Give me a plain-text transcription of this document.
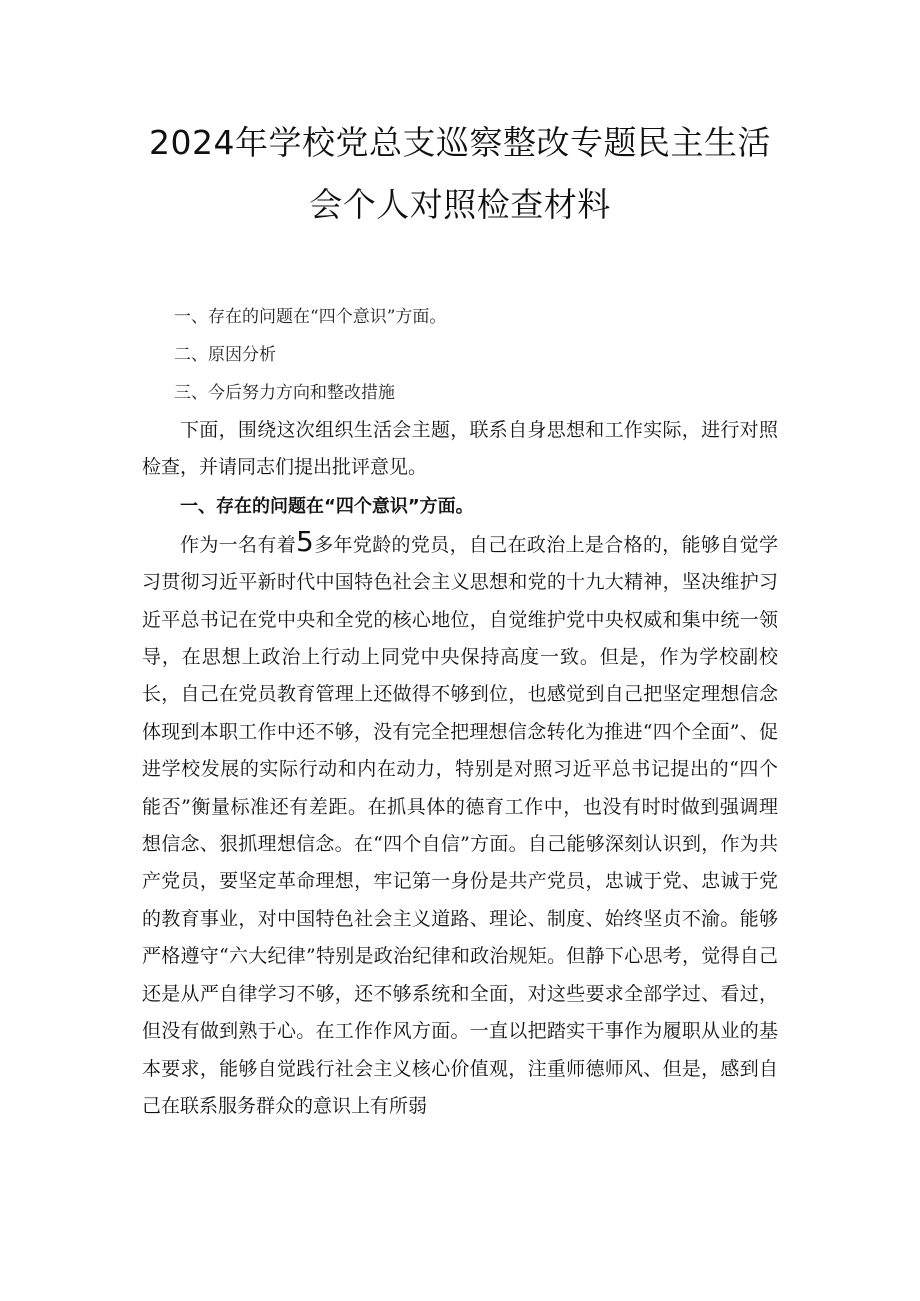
2024年学校党总支巡察整改专题民主生活
会个人对照检查材料
一、存在的问题在“四个意识”方面。
二、原因分析
三、今后努力方向和整改措施

下面，围绕这次组织生活会主题，联系自身思想和工作实际，进行对照检查，并请同志们提出批评意见。

一、存在的问题在“四个意识”方面。

作为一名有着5多年党龄的党员，自己在政治上是合格的，能够自觉学习贯彻习近平新时代中国特色社会主义思想和党的十九大精神，坚决维护习近平总书记在党中央和全党的核心地位，自觉维护党中央权威和集中统一领导，在思想上政治上行动上同党中央保持高度一致。但是，作为学校副校长，自己在党员教育管理上还做得不够到位，也感觉到自己把坚定理想信念体现到本职工作中还不够，没有完全把理想信念转化为推进“四个全面”、促进学校发展的实际行动和内在动力，特别是对照习近平总书记提出的“四个能否”衡量标准还有差距。在抓具体的德育工作中，也没有时时做到强调理想信念、狠抓理想信念。在“四个自信”方面。自己能够深刻认识到，作为共产党员，要坚定革命理想，牢记第一身份是共产党员，忠诚于党、忠诚于党的教育事业，对中国特色社会主义道路、理论、制度、始终坚贞不渝。能够严格遵守“六大纪律”特别是政治纪律和政治规矩。但静下心思考，觉得自己还是从严自律学习不够，还不够系统和全面，对这些要求全部学过、看过，但没有做到熟于心。在工作作风方面。一直以把踏实干事作为履职从业的基本要求，能够自觉践行社会主义核心价值观，注重师德师风、但是，感到自己在联系服务群众的意识上有所弱
